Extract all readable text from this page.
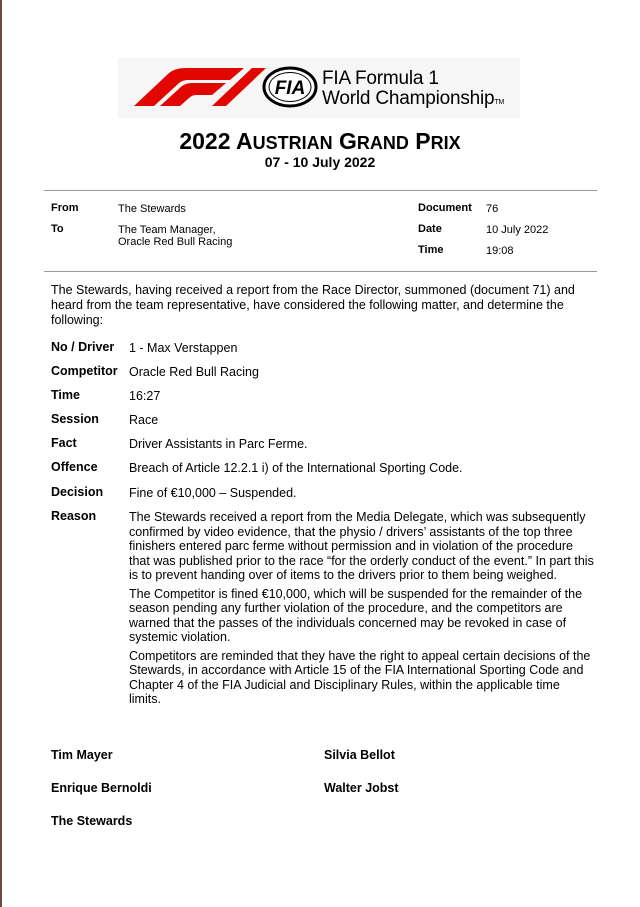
FIA FIA Formula 1
World ChampionshipTM
2022 AUSTRIAN GRAND PRIX
07 - 10 July 2022
From	The Stewards
To	The Team Manager,
Oracle Red Bull Racing
Document 76
Date	10 July 2022
Time	19:08
The Stewards, having received a report from the Race Director, summoned (document 71) and heard from the team representative, have considered the following matter, and determine the following:
No / Driver 1 - Max Verstappen
Competitor Oracle Red Bull Racing
Time	16:27
Session Race
Fact	Driver Assistants in Parc Ferme.
Offence	Breach of Article 12.2.1 i) of the International Sporting Code.
Decision Fine of €10,000 – Suspended.
Reason	The Stewards received a report from the Media Delegate, which was subsequently confirmed by video evidence, that the physio / drivers’ assistants of the top three finishers entered parc ferme without permission and in violation of the procedure that was published prior to the race “for the orderly conduct of the event.” In part this is to prevent handing over of items to the drivers prior to them being weighed.

The Competitor is fined €10,000, which will be suspended for the remainder of the season pending any further violation of the procedure, and the competitors are warned that the passes of the individuals concerned may be revoked in case of systemic violation.

Competitors are reminded that they have the right to appeal certain decisions of the Stewards, in accordance with Article 15 of the FIA International Sporting Code and Chapter 4 of the FIA Judicial and Disciplinary Rules, within the applicable time limits.

Tim Mayer	Silvia Bellot
Enrique Bernoldi	Walter Jobst
The Stewards
